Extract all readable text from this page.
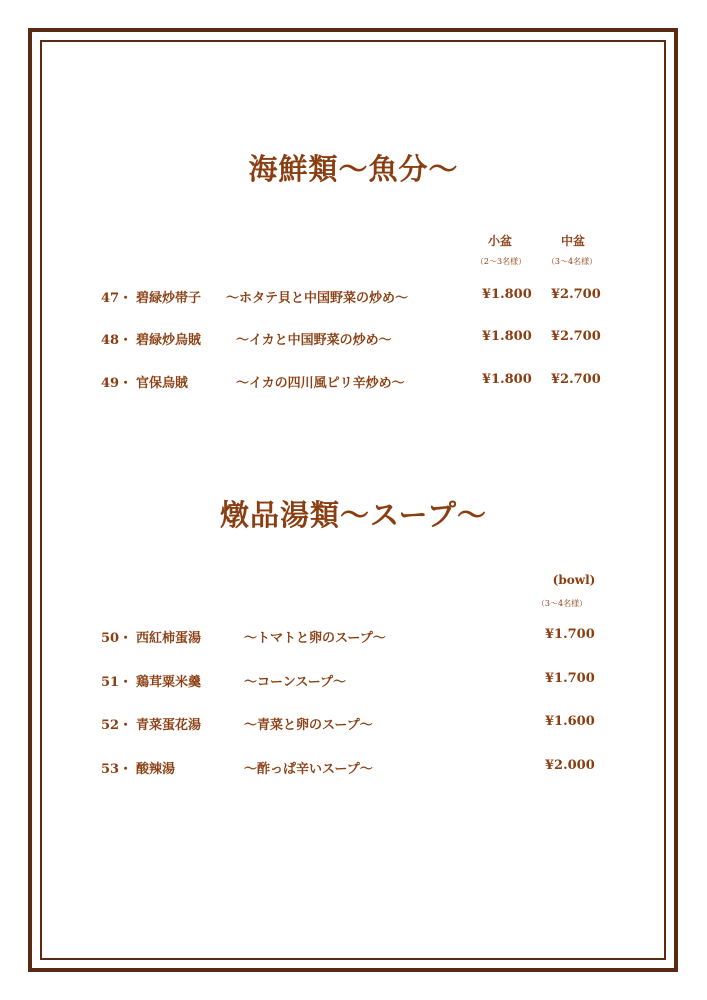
海鮮類～魚分～
小盆
（2～3名様）
中盆
（3～4名様）
47・ 碧緑炒帯子 ～ホタテ貝と中国野菜の炒め～	¥1.800 ¥2.700
48・ 碧緑炒烏賊	～イカと中国野菜の炒め～	¥1.800 ¥2.700
49・ 官保烏賊	～イカの四川風ピリ辛炒め～	¥1.800 ¥2.700
燉品湯類～スープ～
(bowl)
（3～4名様）
50・ 西紅柿蛋湯	～トマトと卵のスープ～	¥1.700
51・ 鶏茸粟米羹	～コーンスープ～	¥1.700
52・ 青菜蛋花湯	～青菜と卵のスープ～	¥1.600
53・ 酸辣湯	～酢っぱ辛いスープ～	¥2.000
